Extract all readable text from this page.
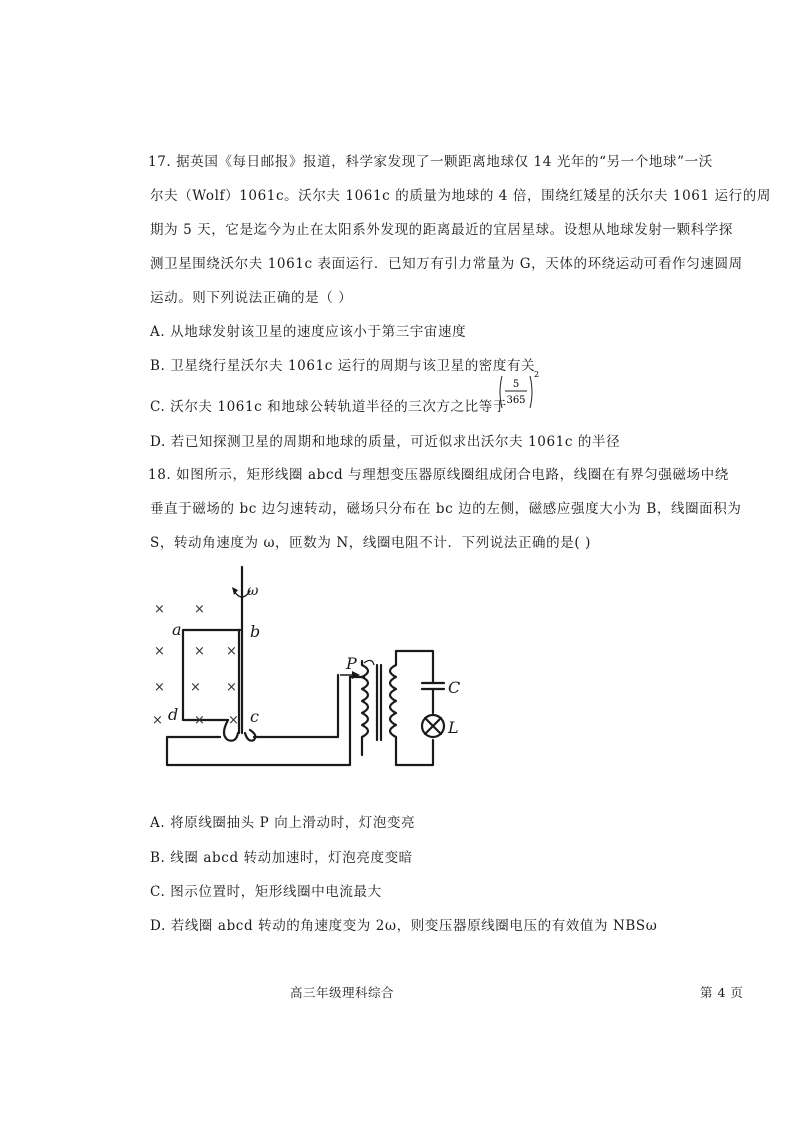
17. 据英国《每日邮报》报道，科学家发现了一颗距离地球仅 14 光年的“另一个地球”一沃
尔夫（Wolf）1061c。沃尔夫 1061c 的质量为地球的 4 倍，围绕红矮星的沃尔夫 1061 运行的周
期为 5 天，它是迄今为止在太阳系外发现的距离最近的宜居星球。设想从地球发射一颗科学探
测卫星围绕沃尔夫 1061c 表面运行．已知万有引力常量为 G，天体的环绕运动可看作匀速圆周
运动。则下列说法正确的是（ ）
A. 从地球发射该卫星的速度应该小于第三宇宙速度
B. 卫星绕行星沃尔夫 1061c 运行的周期与该卫星的密度有关
C. 沃尔夫 1061c 和地球公转轨道半径的三次方之比等于
5
365
2
D. 若已知探测卫星的周期和地球的质量，可近似求出沃尔夫 1061c 的半径
18. 如图所示，矩形线圈 abcd 与理想变压器原线圈组成闭合电路，线圈在有界匀强磁场中绕
垂直于磁场的 bc 边匀速转动，磁场只分布在 bc 边的左侧，磁感应强度大小为 B，线圈面积为
S，转动角速度为 ω，匝数为 N，线圈电阻不计．下列说法正确的是( )
× ×
× × ×
× × ×
× × ×
a	b
c
d
ω
P
C
L
A. 将原线圈抽头 P 向上滑动时，灯泡变亮
B. 线圈 abcd 转动加速时，灯泡亮度变暗
C. 图示位置时，矩形线圈中电流最大
D. 若线圈 abcd 转动的角速度变为 2ω，则变压器原线圈电压的有效值为 NBSω
高三年级理科综合	第 4 页
